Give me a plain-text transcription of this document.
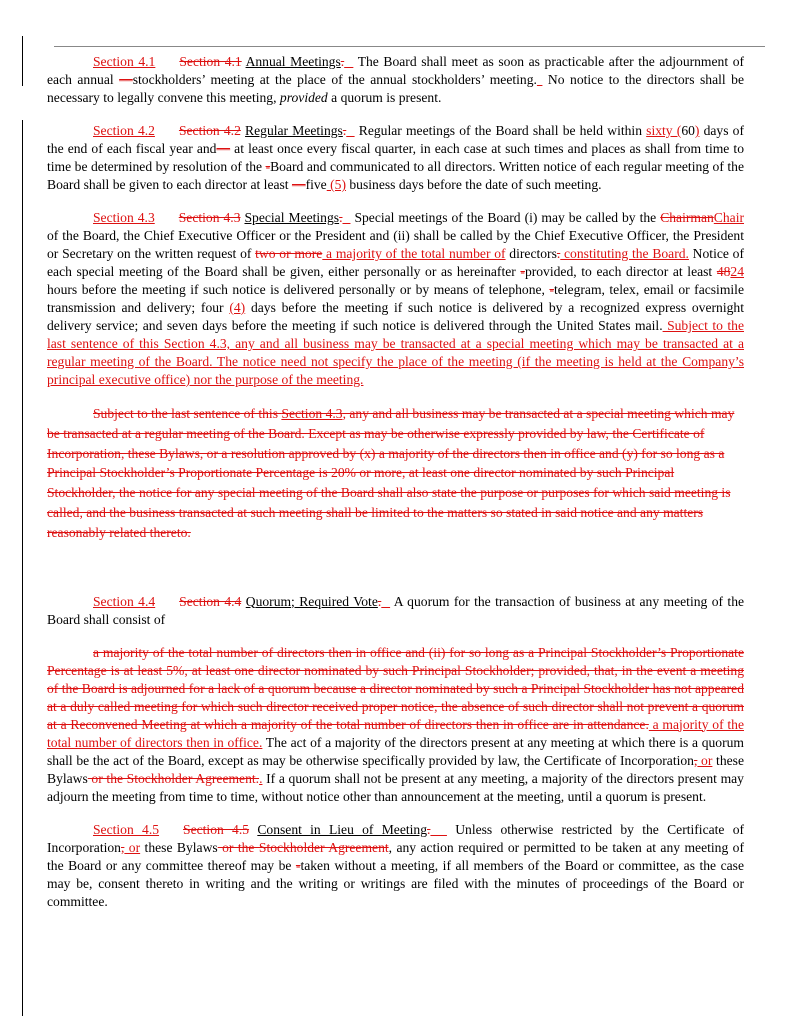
Section 4.1 Section 4.1 Annual Meetings. The Board shall meet as soon as practicable after the adjournment of each annual —stockholders’ meeting at the place of the annual stockholders’ meeting.  No notice to the directors shall be necessary to legally convene this meeting, provided a quorum is present.

Section 4.2 Section 4.2 Regular Meetings. Regular meetings of the Board shall be held within sixty (60) days of the end of each fiscal year and— at least once every fiscal quarter, in each case at such times and places as shall from time to time be determined by resolution of the -Board and communicated to all directors. Written notice of each regular meeting of the Board shall be given to each director at least —five (5) business days before the date of such meeting.

Section 4.3 Section 4.3 Special Meetings. Special meetings of the Board (i) may be called by the ChairmanChair of the Board, the Chief Executive Officer or the President and (ii) shall be called by the Chief Executive Officer, the President or Secretary on the written request of two or more a majority of the total number of directors. constituting the Board. Notice of each special meeting of the Board shall be given, either personally or as hereinafter -provided, to each director at least 4824 hours before the meeting if such notice is delivered personally or by means of telephone, -telegram, telex, email or facsimile transmission and delivery; four (4) days before the meeting if such notice is delivered by a recognized express overnight delivery service; and seven days before the meeting if such notice is delivered through the United States mail. Subject to the last sentence of this Section 4.3, any and all business may be transacted at a special meeting which may be transacted at a regular meeting of the Board. The notice need not specify the place of the meeting (if the meeting is held at the Company’s principal executive office) nor the purpose of the meeting.

Subject to the last sentence of this Section 4.3, any and all business may be transacted at a special meeting which may be transacted at a regular meeting of the Board. Except as may be otherwise expressly provided by law, the Certificate of Incorporation, these Bylaws, or a resolution approved by (x) a majority of the directors then in office and (y) for so long as a Principal Stockholder’s Proportionate Percentage is 20% or more, at least one director nominated by such Principal Stockholder, the notice for any special meeting of the Board shall also state the purpose or purposes for which said meeting is called, and the business transacted at such meeting shall be limited to the matters so stated in said notice and any matters reasonably related thereto.

Section 4.4 Section 4.4 Quorum; Required Vote. A quorum for the transaction of business at any meeting of the Board shall consist of

a majority of the total number of directors then in office and (ii) for so long as a Principal Stockholder’s Proportionate Percentage is at least 5%, at least one director nominated by such Principal Stockholder; provided, that, in the event a meeting of the Board is adjourned for a lack of a quorum because a director nominated by such a Principal Stockholder has not appeared at a duly called meeting for which such director received proper notice, the absence of such director shall not prevent a quorum at a Reconvened Meeting at which a majority of the total number of directors then in office are in attendance. a majority of the total number of directors then in office. The act of a majority of the directors present at any meeting at which there is a quorum shall be the act of the Board, except as may be otherwise specifically provided by law, the Certificate of Incorporation, or these Bylaws or the Stockholder Agreement.. If a quorum shall not be present at any meeting, a majority of the directors present may adjourn the meeting from time to time, without notice other than announcement at the meeting, until a quorum is present.

Section 4.5 Section 4.5 Consent in Lieu of Meeting. Unless otherwise restricted by the Certificate of Incorporation, or these Bylaws or the Stockholder Agreement, any action required or permitted to be taken at any meeting of the Board or any committee thereof may be -taken without a meeting, if all members of the Board or committee, as the case may be, consent thereto in writing and the writing or writings are filed with the minutes of proceedings of the Board or committee.
